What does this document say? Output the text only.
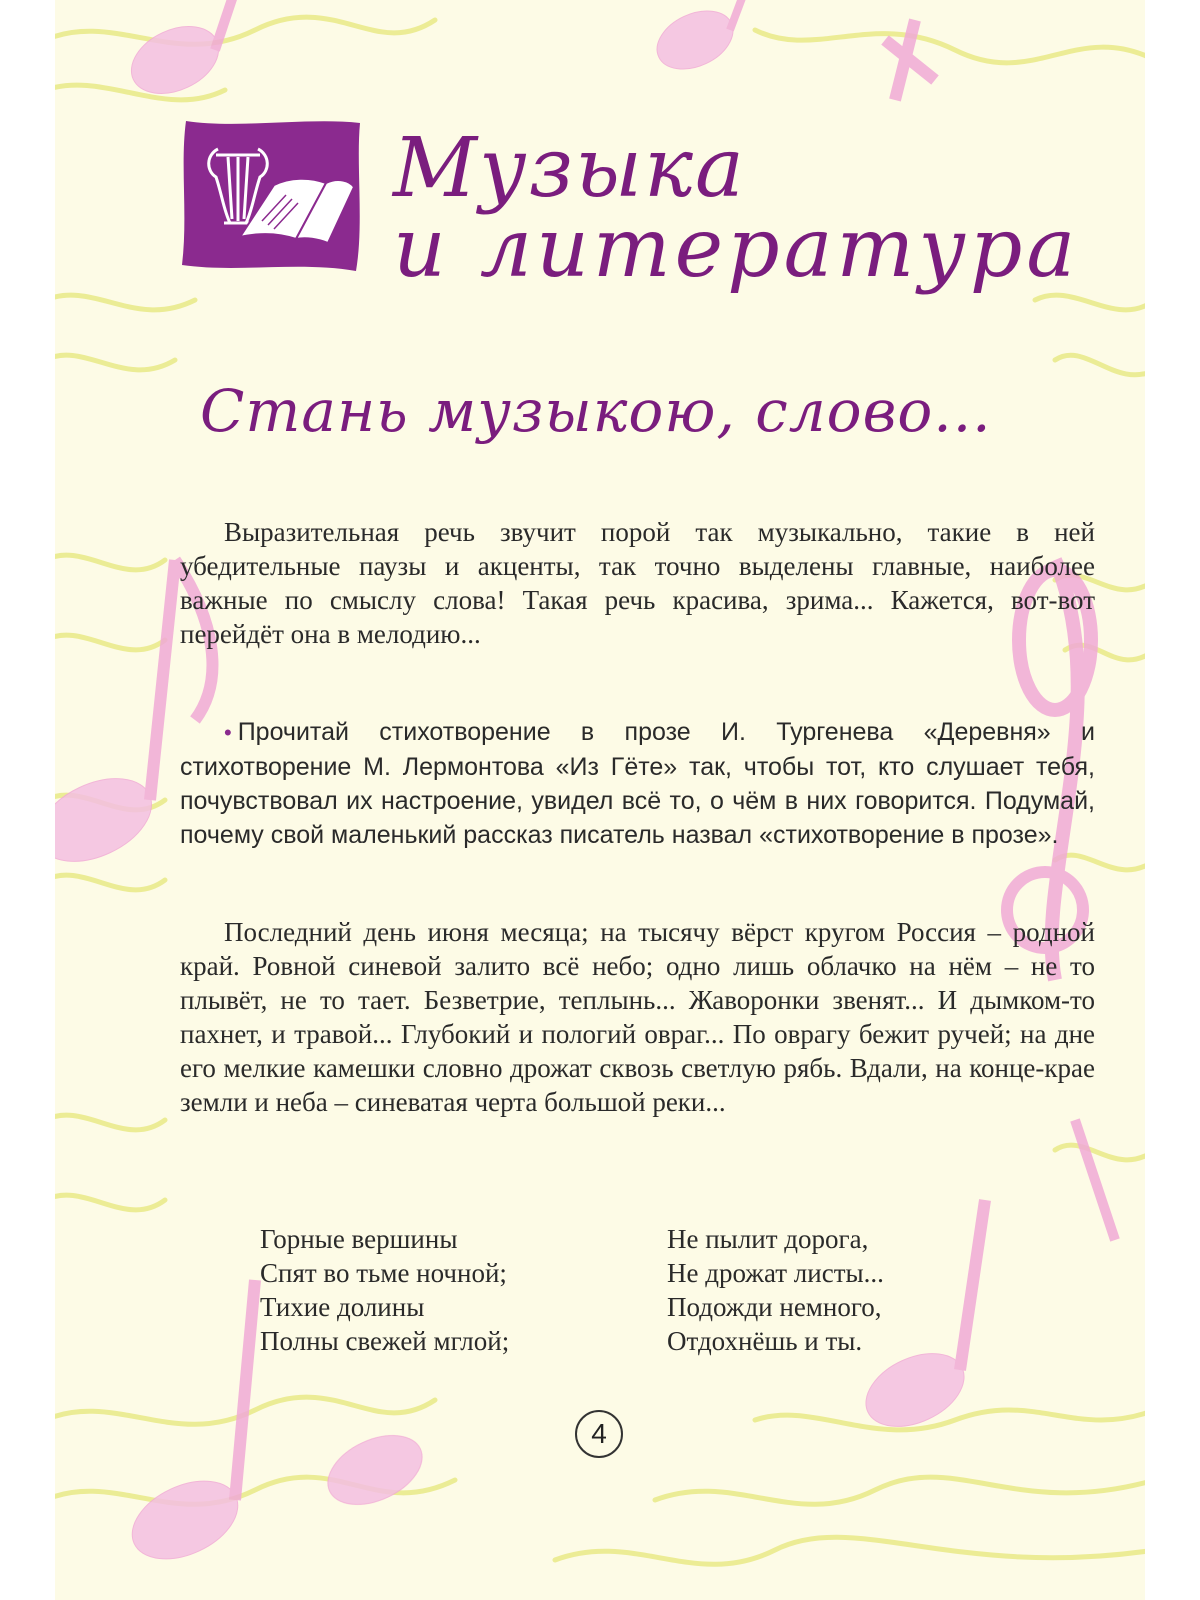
Музыка
и литература
Стань музыкою, слово...

Выразительная речь звучит порой так музыкально, такие в ней убедительные паузы и акценты, так точно выделены главные, наиболее важные по смыслу слова! Такая речь красива, зрима... Кажется, вот-вот перейдёт она в мелодию...

• Прочитай стихотворение в прозе И. Тургенева «Деревня» и стихотворение М. Лермонтова «Из Гёте» так, чтобы тот, кто слушает тебя, почувствовал их настроение, увидел всё то, о чём в них говорится. Подумай, почему свой маленький рассказ писатель назвал «стихотворение в прозе».

Последний день июня месяца; на тысячу вёрст кругом Россия – родной край. Ровной синевой залито всё небо; одно лишь облачко на нём – не то плывёт, не то тает. Безветрие, теплынь... Жаворонки звенят... И дымком-то пахнет, и травой... Глубокий и пологий овраг... По оврагу бежит ручей; на дне его мелкие камешки словно дрожат сквозь светлую рябь. Вдали, на конце-крае земли и неба – синеватая черта большой реки...

Горные вершины
Спят во тьме ночной;
Тихие долины
Полны свежей мглой;
Не пылит дорога,
Не дрожат листы...
Подожди немного,
Отдохнёшь и ты.
4
